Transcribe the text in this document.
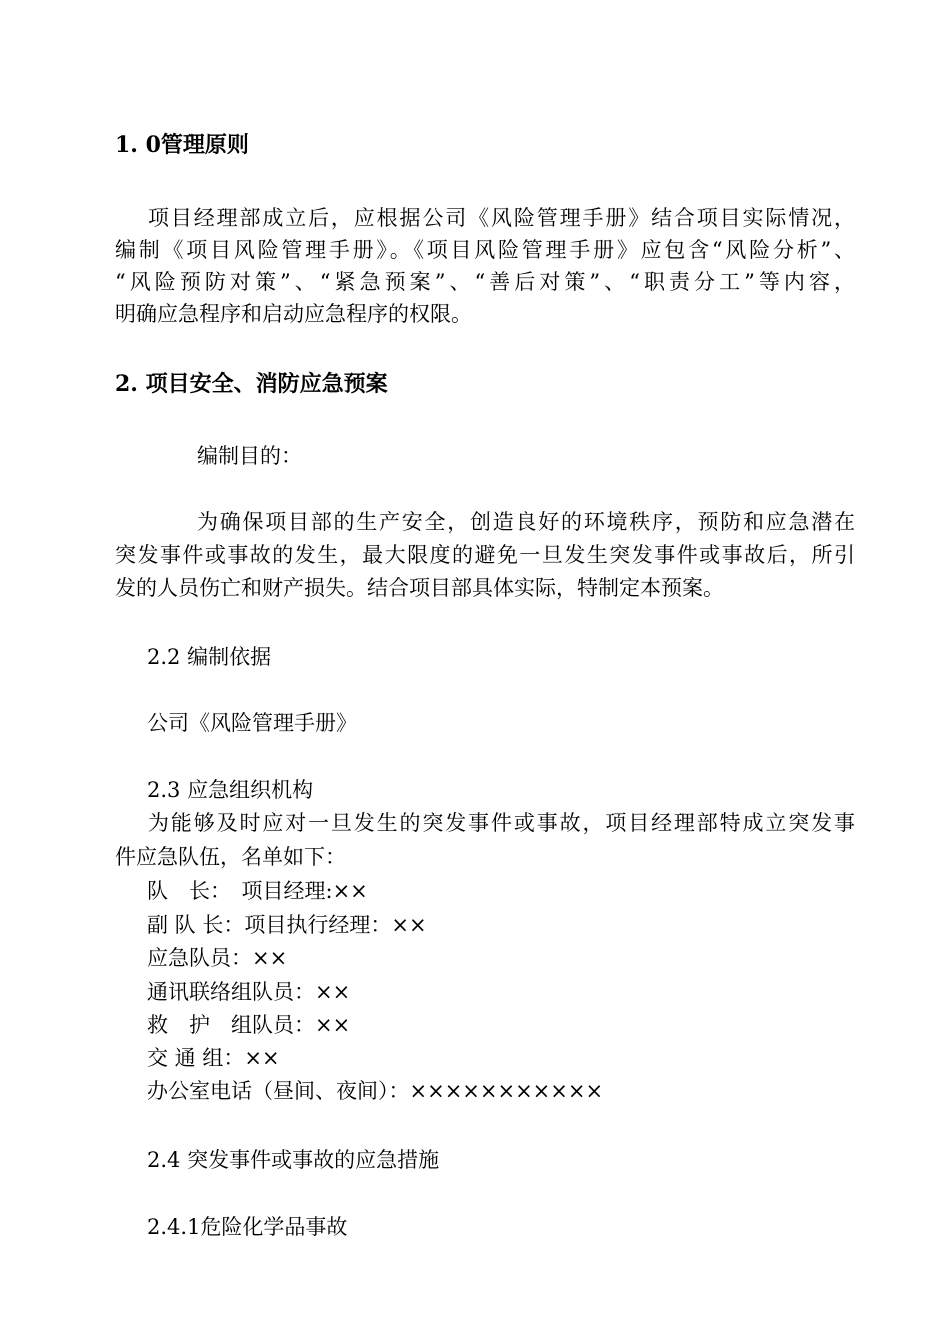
1. 0管理原则
项目经理部成立后，应根据公司《风险管理手册》结合项目实际情况，
编制《项目风险管理手册》。《项目风险管理手册》应包含“风险分析”、
“风险预防对策”、“紧急预案”、“善后对策”、“职责分工”等内容，
明确应急程序和启动应急程序的权限。
2. 项目安全、消防应急预案
编制目的：
为确保项目部的生产安全，创造良好的环境秩序，预防和应急潜在
突发事件或事故的发生，最大限度的避免一旦发生突发事件或事故后，所引
发的人员伤亡和财产损失。结合项目部具体实际，特制定本预案。
2.2 编制依据
公司《风险管理手册》
2.3 应急组织机构
为能够及时应对一旦发生的突发事件或事故，项目经理部特成立突发事
件应急队伍，名单如下：
队　长：　项目经理:××
副 队 长：项目执行经理：××
应急队员：××
通讯联络组队员：××
救　护　组队员：××
交 通 组：××
办公室电话（昼间、夜间）：×××××××××××
2.4 突发事件或事故的应急措施
2.4.1危险化学品事故
